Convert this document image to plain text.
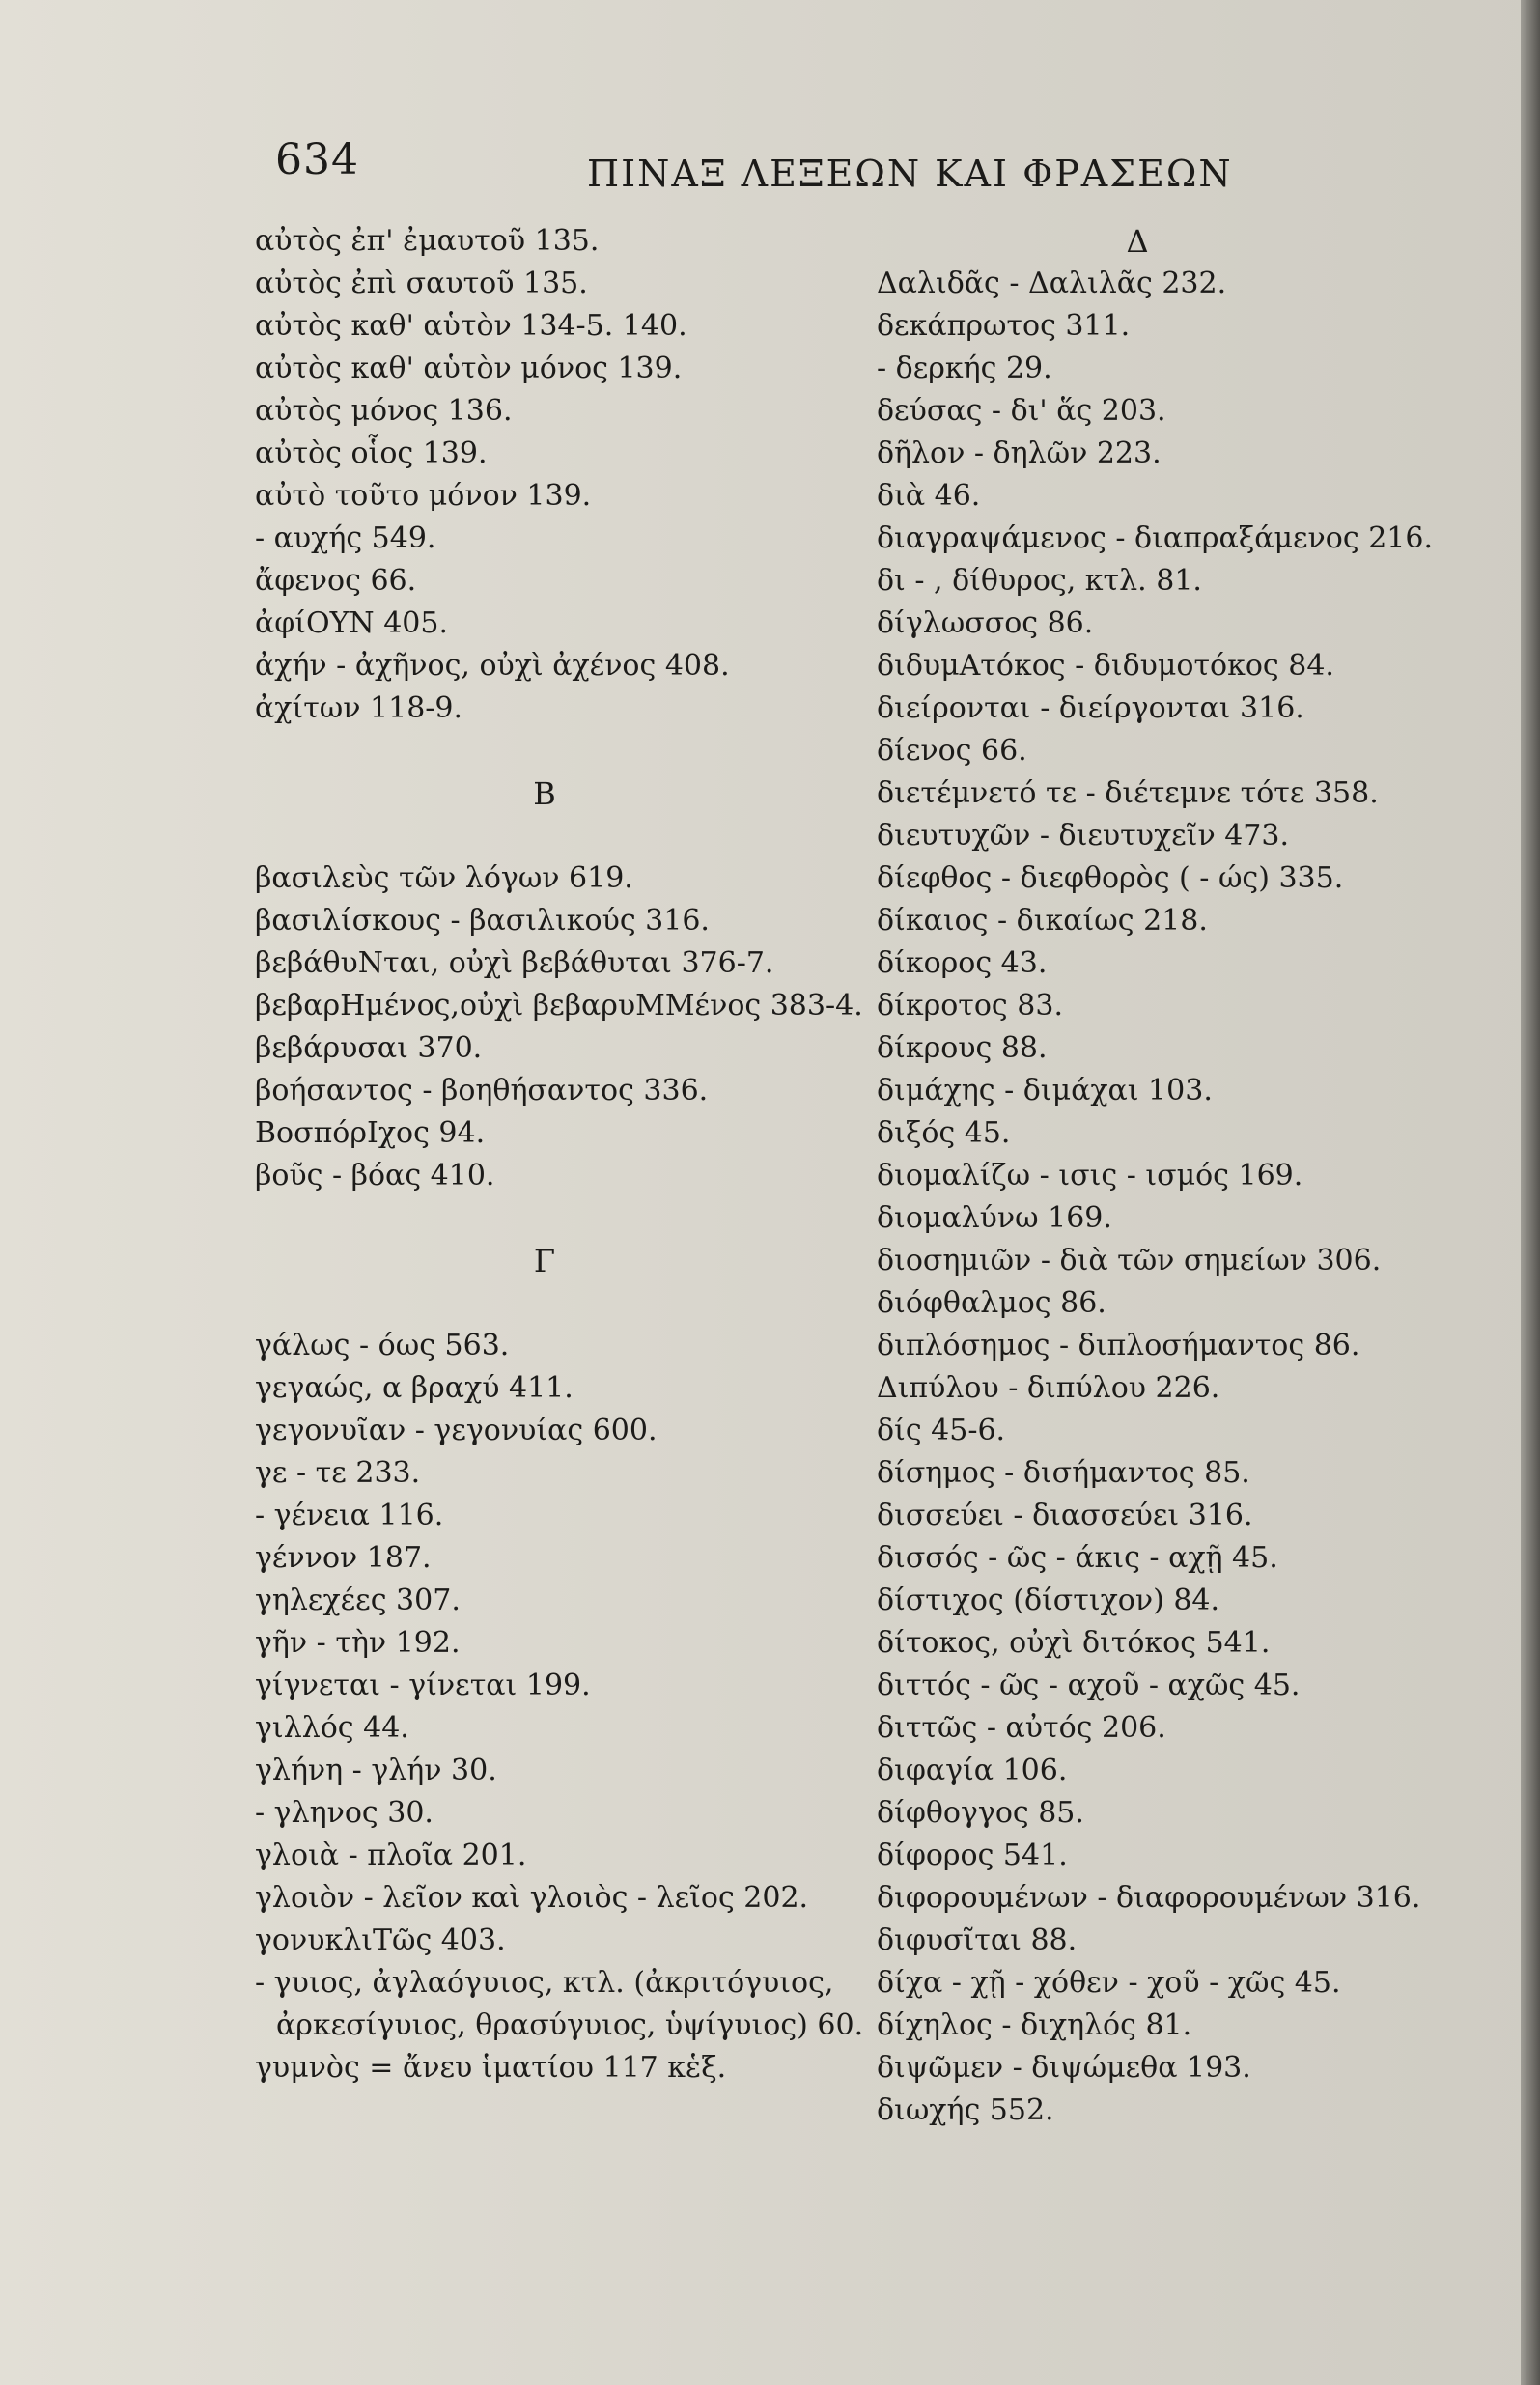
634	ΠΙΝΑΞ ΛΕΞΕΩΝ ΚΑΙ ΦΡΑΣΕΩΝ
αὐτὸς ἐπ' ἐμαυτοῦ 135.
αὐτὸς ἐπὶ σαυτοῦ 135.
αὐτὸς καθ' αὑτὸν 134-5. 140.
αὐτὸς καθ' αὑτὸν μόνος 139.
αὐτὸς μόνος 136.
αὐτὸς οἷος 139.
αὐτὸ τοῦτο μόνον 139.
- αυχής 549.
ἄφενος 66.
ἀφίΟΥΝ 405.
ἀχήν - ἀχῆνος, οὐχὶ ἀχένος 408.
ἀχίτων 118-9.
Β
βασιλεὺς τῶν λόγων 619.
βασιλίσκους - βασιλικούς 316.
βεβάθυΝται, οὐχὶ βεβάθυται 376-7.
βεβαρΗμένος,οὐχὶ βεβαρυΜΜένος 383-4.
βεβάρυσαι 370.
βοήσαντος - βοηθήσαντος 336.
ΒοσπόρΙχος 94.
βοῦς - βόας 410.
Γ
γάλως - όως 563.
γεγαώς, α βραχύ 411.
γεγονυῖαν - γεγονυίας 600.
γε - τε 233.
- γένεια 116.
γέννον 187.
γηλεχέες 307.
γῆν - τὴν 192.
γίγνεται - γίνεται 199.
γιλλός 44.
γλήνη - γλήν 30.
- γληνος 30.
γλοιὰ - πλοῖα 201.
γλοιὸν - λεῖον καὶ γλοιὸς - λεῖος 202.
γονυκλιΤῶς 403.
- γυιος, ἀγλαόγυιος, κτλ. (ἀκριτόγυιος,
ἀρκεσίγυιος, θρασύγυιος, ὑψίγυιος) 60.
γυμνὸς = ἄνευ ἱματίου 117 κἑξ.
Δ
Δαλιδᾶς - Δαλιλᾶς 232.
δεκάπρωτος 311.
- δερκής 29.
δεύσας - δι' ἅς 203.
δῆλον - δηλῶν 223.
διὰ 46.
διαγραψάμενος - διαπραξάμενος 216.
δι - , δίθυρος, κτλ. 81.
δίγλωσσος 86.
διδυμΑτόκος - διδυμοτόκος 84.
διείρονται - διείργονται 316.
δίενος 66.
διετέμνετό τε - διέτεμνε τότε 358.
διευτυχῶν - διευτυχεῖν 473.
δίεφθος - διεφθορὸς ( - ώς) 335.
δίκαιος - δικαίως 218.
δίκορος 43.
δίκροτος 83.
δίκρους 88.
διμάχης - διμάχαι 103.
διξός 45.
διομαλίζω - ισις - ισμός 169.
διομαλύνω 169.
διοσημιῶν - διὰ τῶν σημείων 306.
διόφθαλμος 86.
διπλόσημος - διπλοσήμαντος 86.
Διπύλου - διπύλου 226.
δίς 45-6.
δίσημος - δισήμαντος 85.
δισσεύει - διασσεύει 316.
δισσός - ῶς - άκις - αχῇ 45.
δίστιχος (δίστιχον) 84.
δίτοκος, οὐχὶ διτόκος 541.
διττός - ῶς - αχοῦ - αχῶς 45.
διττῶς - αὐτός 206.
διφαγία 106.
δίφθογγος 85.
δίφορος 541.
διφορουμένων - διαφορουμένων 316.
διφυσῖται 88.
δίχα - χῇ - χόθεν - χοῦ - χῶς 45.
δίχηλος - διχηλός 81.
διψῶμεν - διψώμεθα 193.
διωχής 552.
